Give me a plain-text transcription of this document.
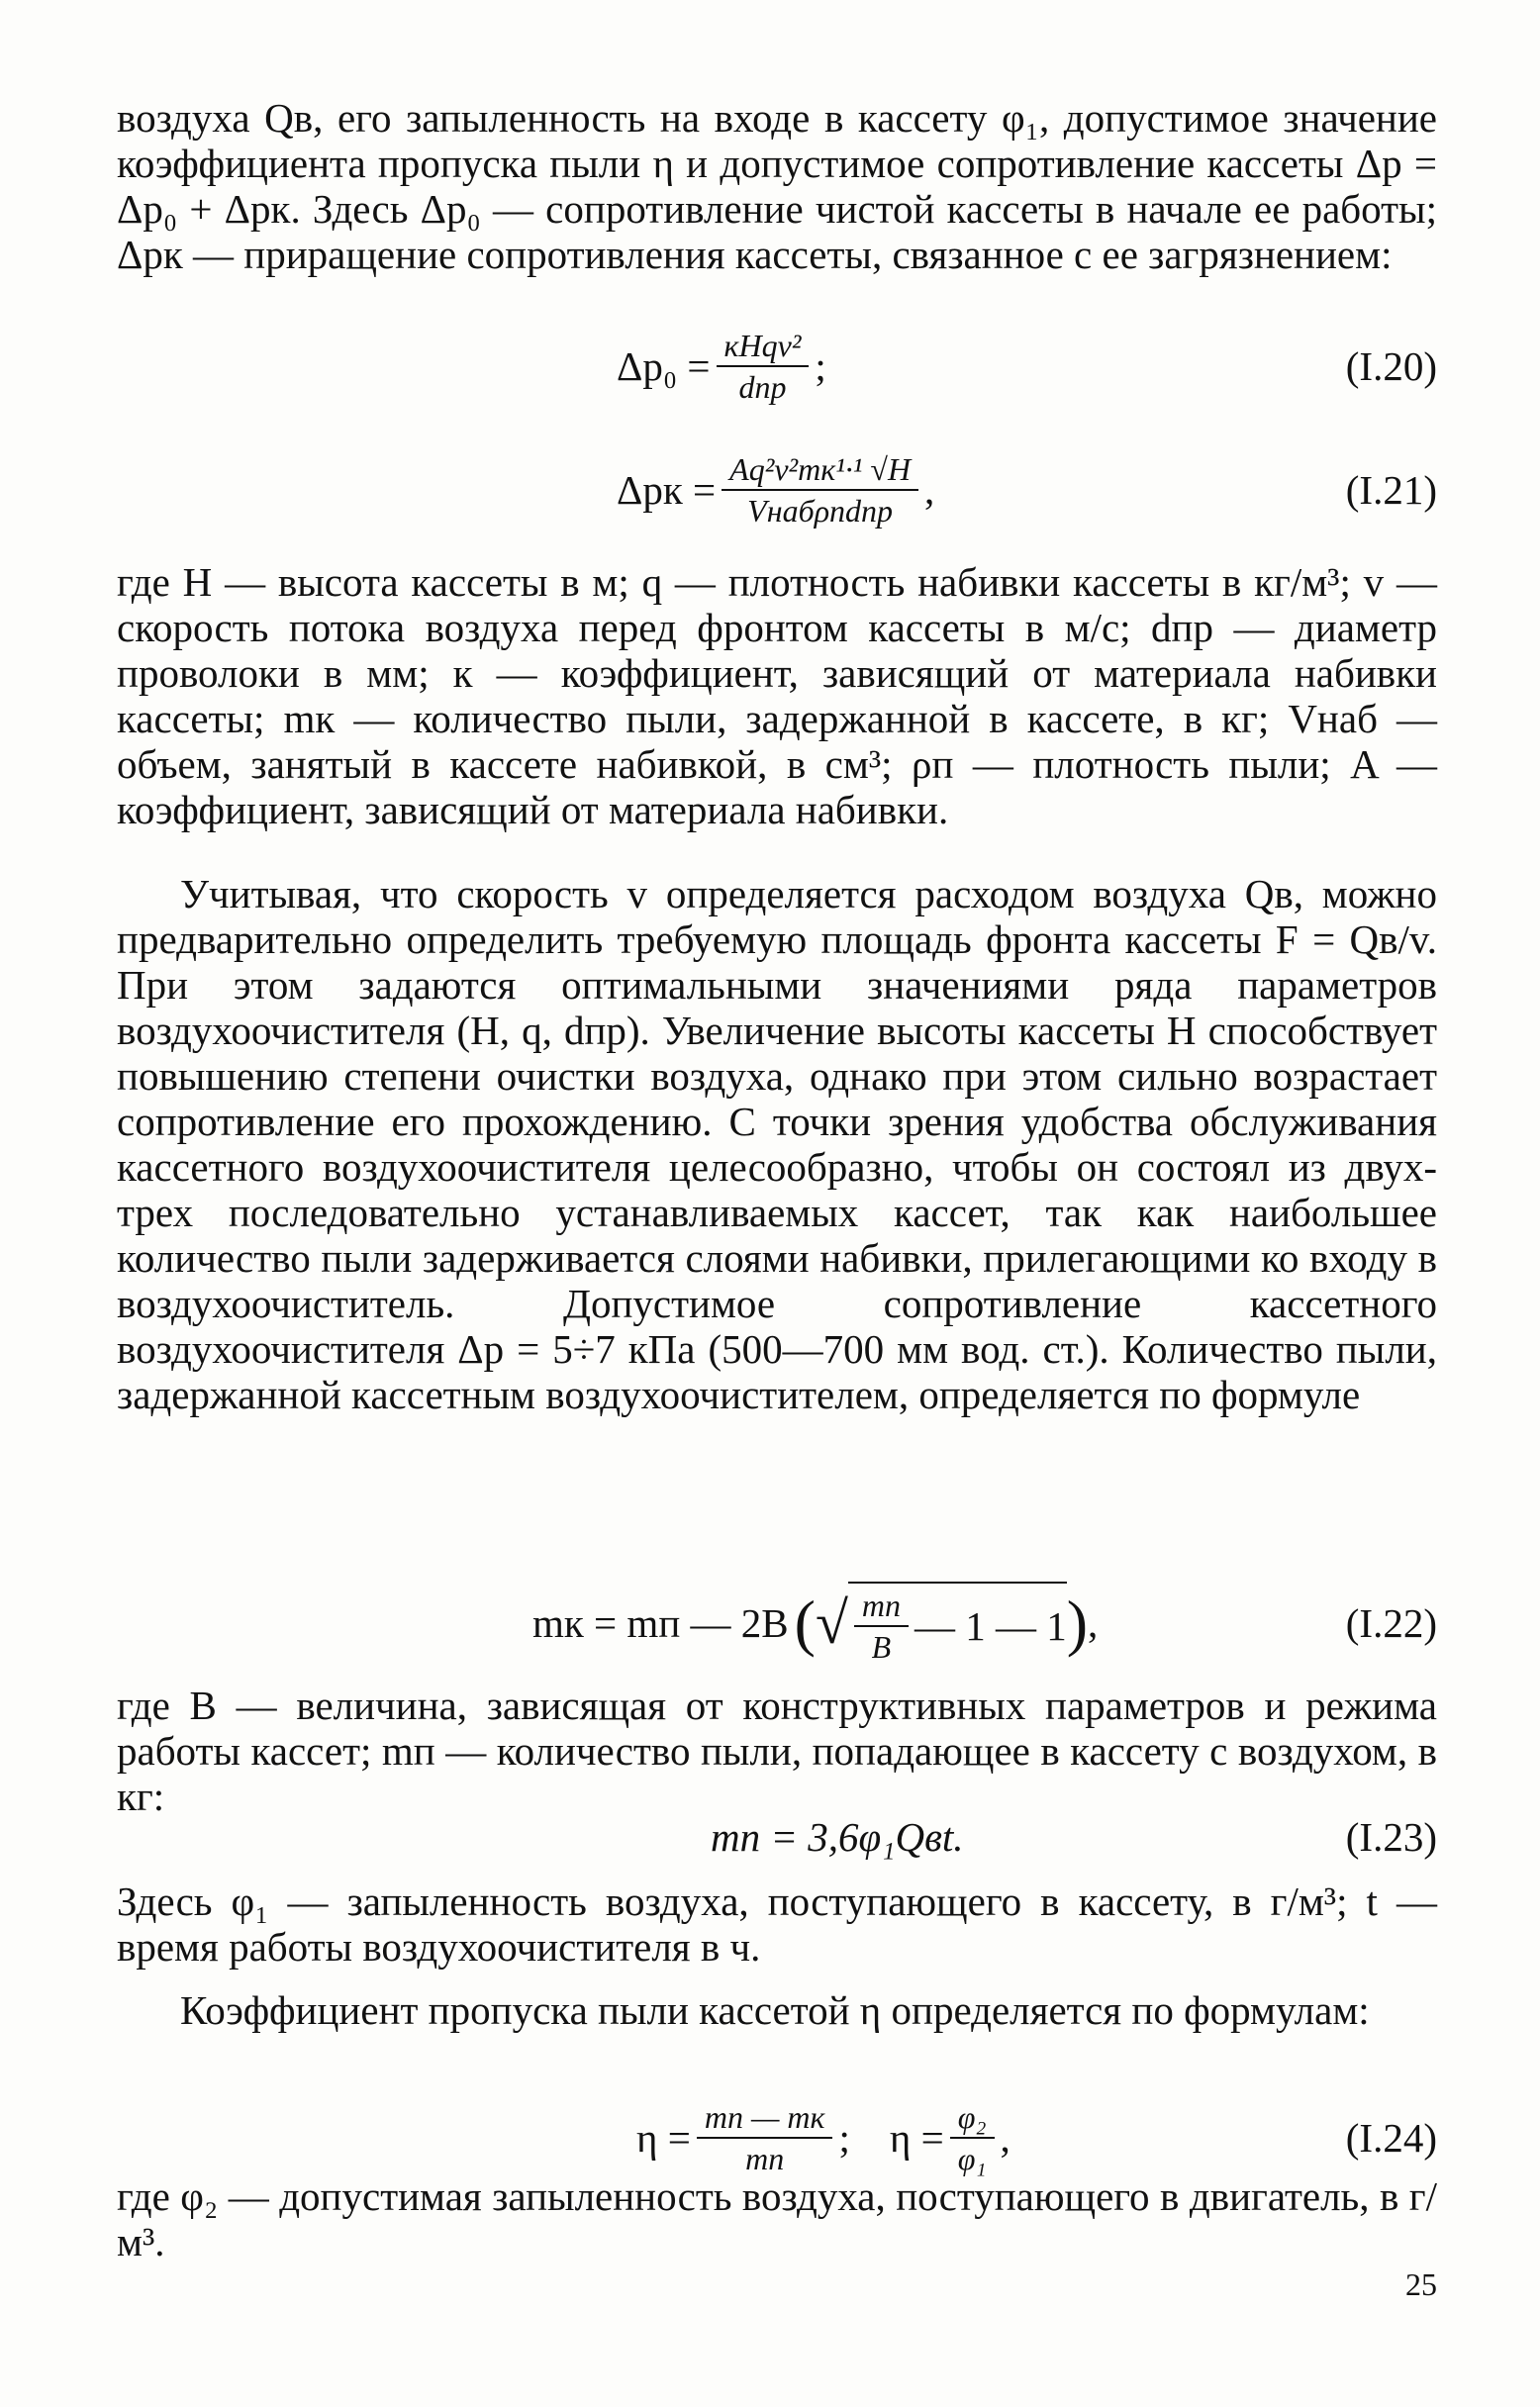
воздуха Qв, его запыленность на входе в кассету φ₁, допустимое значение коэффициента пропуска пыли η и допустимое сопротивление кассеты Δp = Δp₀ + Δpк. Здесь Δp₀ — сопротивление чистой кассеты в начале ее работы; Δpк — приращение сопротивления кассеты, связанное с ее загрязнением:

$\Delta p_0 = \frac{\text{кHqv²}}{\text{dпр}}$ ;	(I.20)
$\Delta pк = \frac{\text{Aq²v²mк¹·¹ √H}}{\text{Vнабρпdпр}}$ ,	(I.21)

где H — высота кассеты в м; q — плотность набивки кассеты в кг/м³; v — скорость потока воздуха перед фронтом кассеты в м/с; dпр — диаметр проволоки в мм; к — коэффициент, зависящий от материала набивки кассеты; mк — количество пыли, задержанной в кассете, в кг; Vнаб — объем, занятый в кассете набивкой, в см³; ρп — плотность пыли; A — коэффициент, зависящий от материала набивки.

Учитывая, что скорость v определяется расходом воздуха Qв, можно предварительно определить требуемую площадь фронта кассеты F = Qв/v. При этом задаются оптимальными значениями ряда параметров воздухоочистителя (H, q, dпр). Увеличение высоты кассеты H способствует повышению степени очистки воздуха, однако при этом сильно возрастает сопротивление его прохождению. С точки зрения удобства обслуживания кассетного воздухоочистителя целесообразно, чтобы он состоял из двух-трех последовательно устанавливаемых кассет, так как наибольшее количество пыли задерживается слоями набивки, прилегающими ко входу в воздухоочиститель. Допустимое сопротивление кассетного воздухоочистителя Δp = 5÷7 кПа (500—700 мм вод. ст.). Количество пыли, задержанной кассетным воздухоочистителем, определяется по формуле

mк = mп — 2B ( √ $\frac{mп}{B}$ — 1 — 1 ) ,	(I.22)

где B — величина, зависящая от конструктивных параметров и режима работы кассет; mп — количество пыли, попадающее в кассету с воздухом, в кг:

mп = 3,6φ₁Qвt.	(I.23)

Здесь φ₁ — запыленность воздуха, поступающего в кассету, в г/м³; t — время работы воздухоочистителя в ч.

Коэффициент пропуска пыли кассетой η определяется по формулам:

$\eta = \frac{mп — mк}{mп}$ ; $\eta = \frac{\text{φ₂}}{\text{φ₁}}$ ,	(I.24)

где φ₂ — допустимая запыленность воздуха, поступающего в двигатель, в г/м³.

25
